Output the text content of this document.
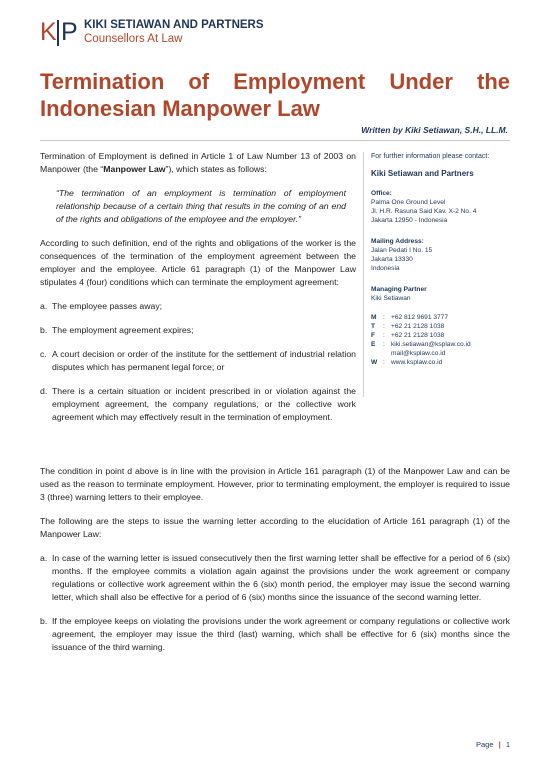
K P KIKI SETIAWAN AND PARTNERS
Counsellors At Law
Termination of Employment Under the Indonesian Manpower Law
Written by Kiki Setiawan, S.H., LL.M.

Termination of Employment is defined in Article 1 of Law Number 13 of 2003 on Manpower (the “Manpower Law”), which states as follows:

“The termination of an employment is termination of employment relationship because of a certain thing that results in the coming of an end of the rights and obligations of the employee and the employer.”

According to such definition, end of the rights and obligations of the worker is the consequences of the termination of the employment agreement between the employer and the employee. Article 61 paragraph (1) of the Manpower Law stipulates 4 (four) conditions which can terminate the employment agreement:

a. The employee passes away;
b. The employment agreement expires;
c. A court decision or order of the institute for the settlement of industrial relation disputes which has permanent legal force; or
d. There is a certain situation or incident prescribed in or violation against the employment agreement, the company regulations, or the collective work agreement which may effectively result in the termination of employment.

The condition in point d above is in line with the provision in Article 161 paragraph (1) of the Manpower Law and can be used as the reason to terminate employment. However, prior to terminating employment, the employer is required to issue 3 (three) warning letters to their employee.

The following are the steps to issue the warning letter according to the elucidation of Article 161 paragraph (1) of the Manpower Law:

a. In case of the warning letter is issued consecutively then the first warning letter shall be effective for a period of 6 (six) months. If the employee commits a violation again against the provisions under the work agreement or company regulations or collective work agreement within the 6 (six) month period, the employer may issue the second warning letter, which shall also be effective for a period of 6 (six) months since the issuance of the second warning letter.
b. If the employee keeps on violating the provisions under the work agreement or company regulations or collective work agreement, the employer may issue the third (last) warning, which shall be effective for 6 (six) months since the issuance of the third warning.
For further information please contact:
Kiki Setiawan and Partners
Office:
Palma One Ground Level
Jl. H.R. Rasuna Said Kav. X-2 No. 4
Jakarta 12950 - Indonesia
Mailing Address:
Jalan Pedati I No. 15
Jakarta 13330
Indonesia
Managing Partner
Kiki Setiawan
M : +62 812 9691 3777
T	: +62 21 2128 1038
F	: +62 21 2128 1038
E	: kiki.setiawan@ksplaw.co.id
mail@ksplaw.co.id
W : www.ksplaw.co.id
Page | 1
